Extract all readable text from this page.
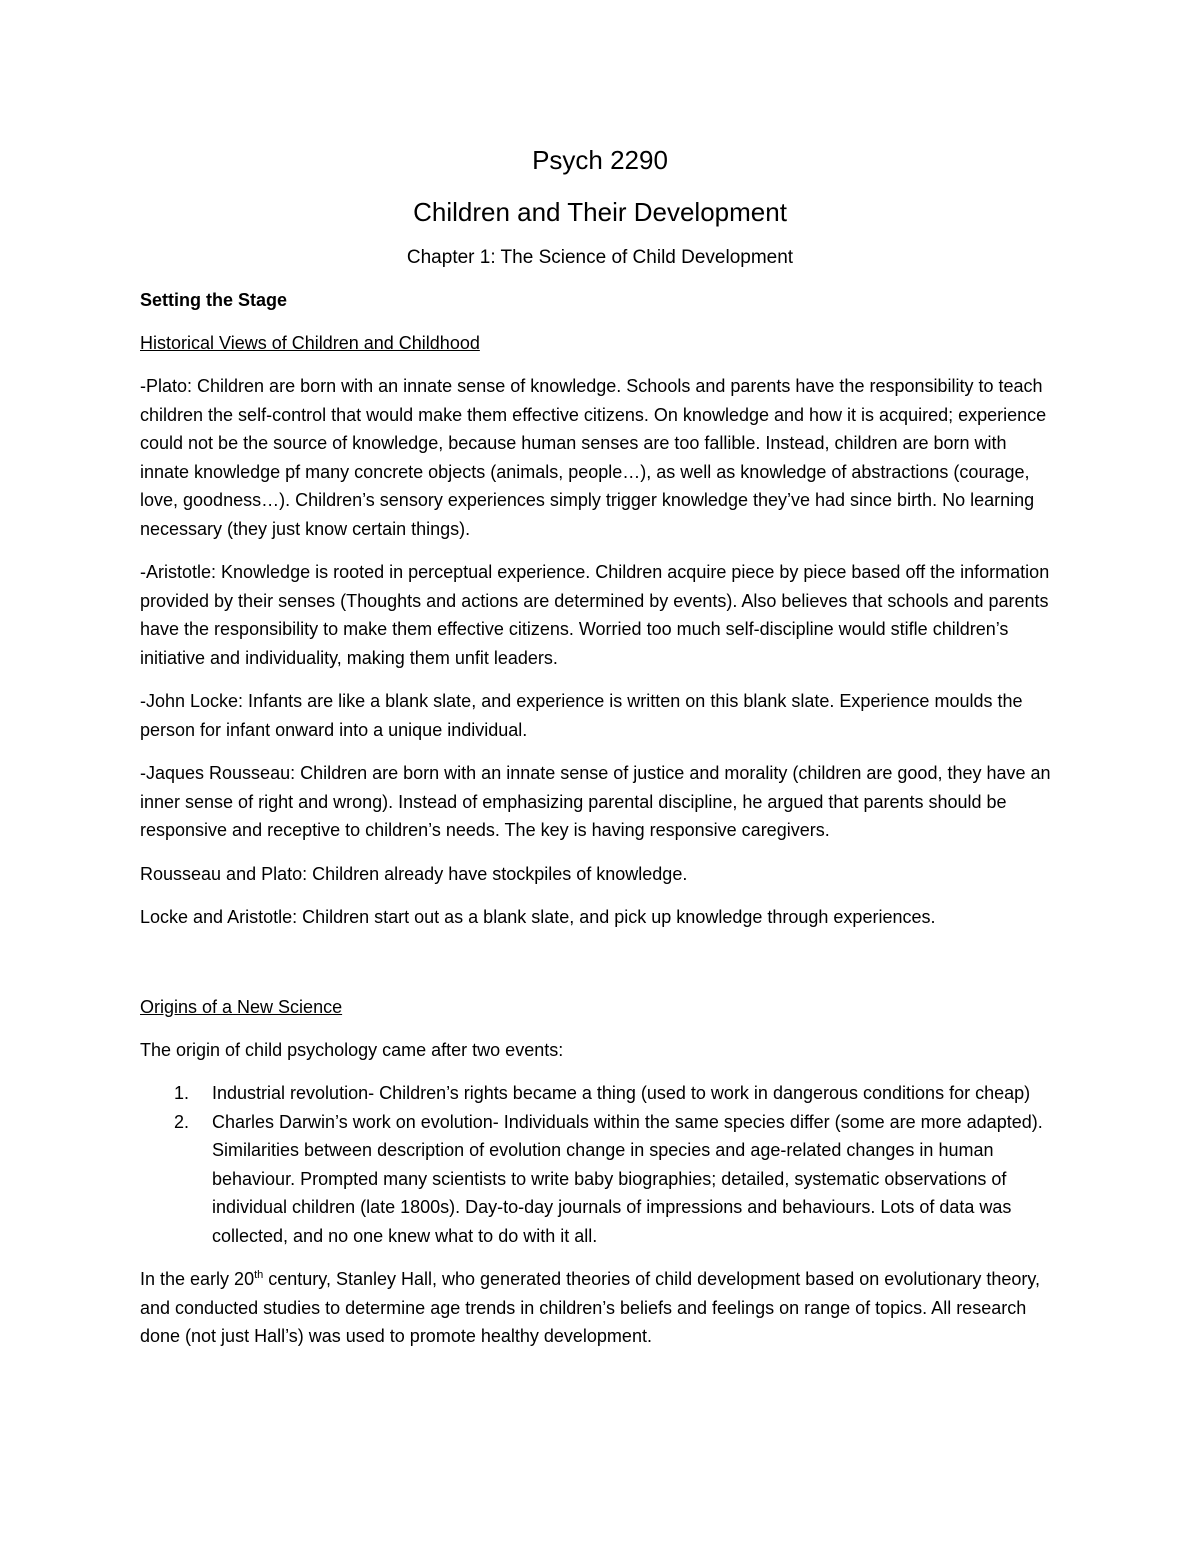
Psych 2290
Children and Their Development
Chapter 1: The Science of Child Development
Setting the Stage
Historical Views of Children and Childhood

-Plato: Children are born with an innate sense of knowledge. Schools and parents have the responsibility to teach children the self-control that would make them effective citizens. On knowledge and how it is acquired; experience could not be the source of knowledge, because human senses are too fallible. Instead, children are born with innate knowledge pf many concrete objects (animals, people…), as well as knowledge of abstractions (courage, love, goodness…). Children’s sensory experiences simply trigger knowledge they’ve had since birth. No learning necessary (they just know certain things).

-Aristotle: Knowledge is rooted in perceptual experience. Children acquire piece by piece based off the information provided by their senses (Thoughts and actions are determined by events). Also believes that schools and parents have the responsibility to make them effective citizens. Worried too much self-discipline would stifle children’s initiative and individuality, making them unfit leaders.

-John Locke: Infants are like a blank slate, and experience is written on this blank slate. Experience moulds the person for infant onward into a unique individual.

-Jaques Rousseau: Children are born with an innate sense of justice and morality (children are good, they have an inner sense of right and wrong). Instead of emphasizing parental discipline, he argued that parents should be responsive and receptive to children’s needs. The key is having responsive caregivers.

Rousseau and Plato: Children already have stockpiles of knowledge.

Locke and Aristotle: Children start out as a blank slate, and pick up knowledge through experiences.

Origins of a New Science

The origin of child psychology came after two events:

1. Industrial revolution- Children’s rights became a thing (used to work in dangerous conditions for cheap)
2. Charles Darwin’s work on evolution- Individuals within the same species differ (some are more adapted). Similarities between description of evolution change in species and age-related changes in human behaviour. Prompted many scientists to write baby biographies; detailed, systematic observations of individual children (late 1800s). Day-to-day journals of impressions and behaviours. Lots of data was collected, and no one knew what to do with it all.

In the early 20th century, Stanley Hall, who generated theories of child development based on evolutionary theory, and conducted studies to determine age trends in children’s beliefs and feelings on range of topics. All research done (not just Hall’s) was used to promote healthy development.
